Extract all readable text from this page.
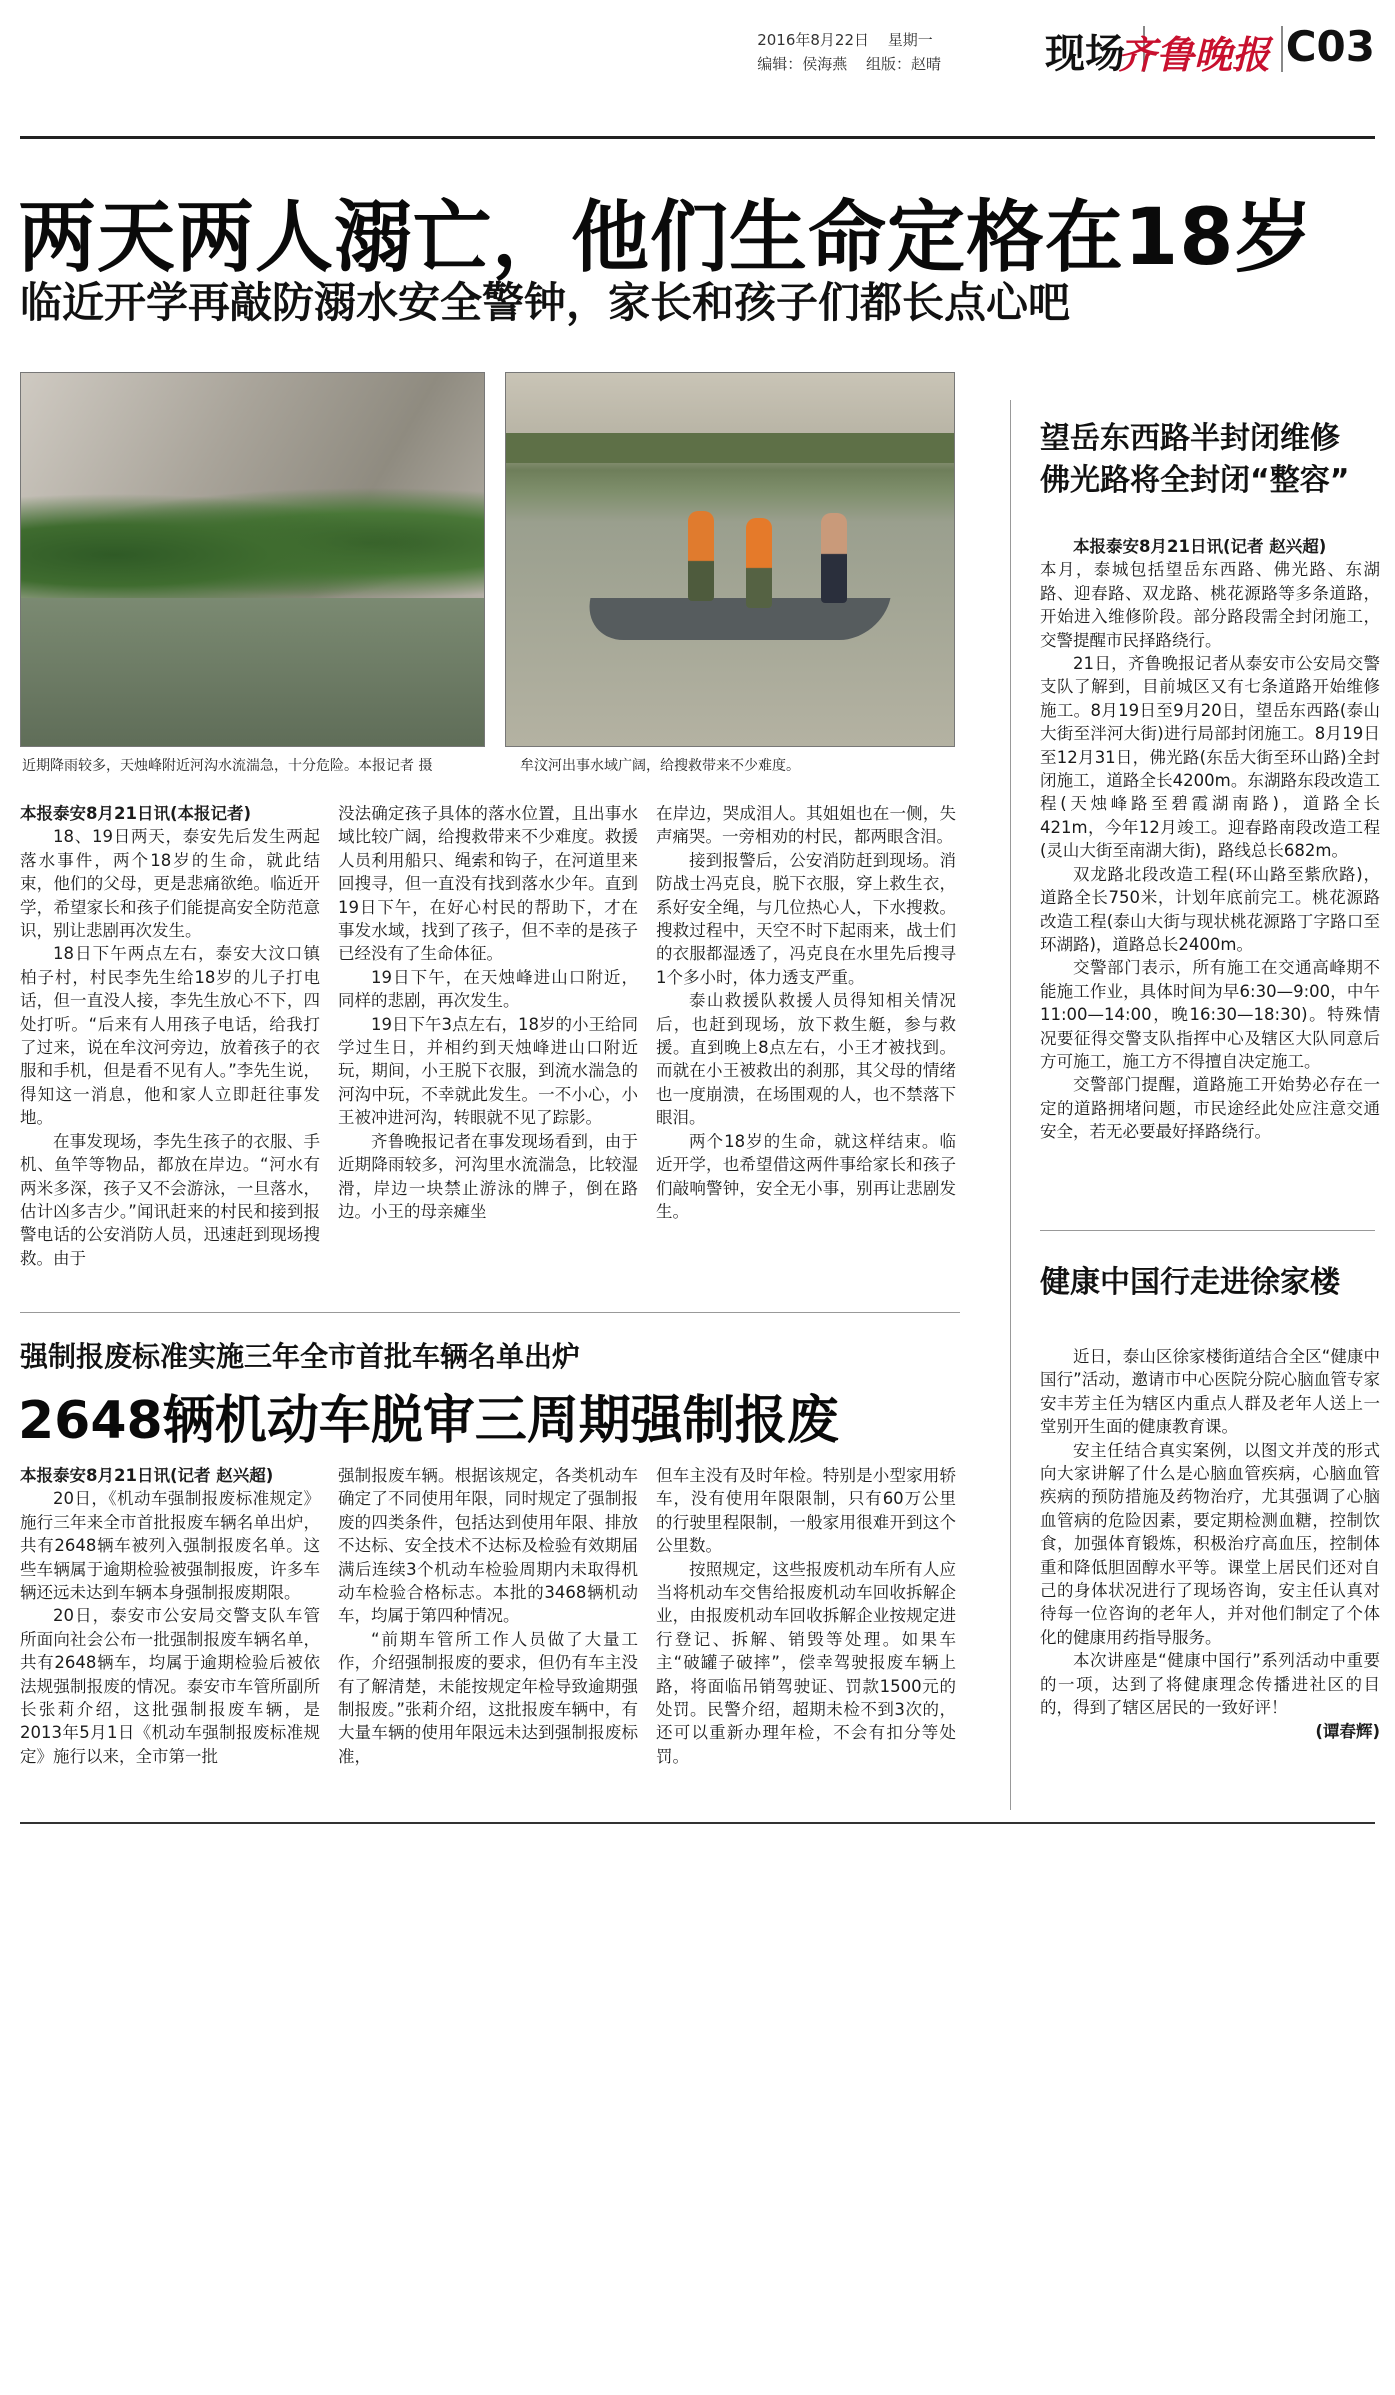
2016年8月22日 星期一
编辑：侯海燕 组版：赵晴	现场
齐鲁晚报 C03
两天两人溺亡，他们生命定格在18岁
临近开学再敲防溺水安全警钟，家长和孩子们都长点心吧
近期降雨较多，天烛峰附近河沟水流湍急，十分危险。本报记者 摄	牟汶河出事水域广阔，给搜救带来不少难度。

本报泰安8月21日讯(本报记者)

18、19日两天，泰安先后发生两起落水事件，两个18岁的生命，就此结束，他们的父母，更是悲痛欲绝。临近开学，希望家长和孩子们能提高安全防范意识，别让悲剧再次发生。

18日下午两点左右，泰安大汶口镇柏子村，村民李先生给18岁的儿子打电话，但一直没人接，李先生放心不下，四处打听。“后来有人用孩子电话，给我打了过来，说在牟汶河旁边，放着孩子的衣服和手机，但是看不见有人。”李先生说，得知这一消息，他和家人立即赶往事发地。

在事发现场，李先生孩子的衣服、手机、鱼竿等物品，都放在岸边。“河水有两米多深，孩子又不会游泳，一旦落水，估计凶多吉少。”闻讯赶来的村民和接到报警电话的公安消防人员，迅速赶到现场搜救。由于

没法确定孩子具体的落水位置，且出事水域比较广阔，给搜救带来不少难度。救援人员利用船只、绳索和钩子，在河道里来回搜寻，但一直没有找到落水少年。直到19日下午，在好心村民的帮助下，才在事发水域，找到了孩子，但不幸的是孩子已经没有了生命体征。

19日下午，在天烛峰进山口附近，同样的悲剧，再次发生。

19日下午3点左右，18岁的小王给同学过生日，并相约到天烛峰进山口附近玩，期间，小王脱下衣服，到流水湍急的河沟中玩，不幸就此发生。一不小心，小王被冲进河沟，转眼就不见了踪影。

齐鲁晚报记者在事发现场看到，由于近期降雨较多，河沟里水流湍急，比较湿滑，岸边一块禁止游泳的牌子，倒在路边。小王的母亲瘫坐

在岸边，哭成泪人。其姐姐也在一侧，失声痛哭。一旁相劝的村民，都两眼含泪。

接到报警后，公安消防赶到现场。消防战士冯克良，脱下衣服，穿上救生衣，系好安全绳，与几位热心人，下水搜救。搜救过程中，天空不时下起雨来，战士们的衣服都湿透了，冯克良在水里先后搜寻1个多小时，体力透支严重。

泰山救援队救援人员得知相关情况后，也赶到现场，放下救生艇，参与救援。直到晚上8点左右，小王才被找到。而就在小王被救出的刹那，其父母的情绪也一度崩溃，在场围观的人，也不禁落下眼泪。

两个18岁的生命，就这样结束。临近开学，也希望借这两件事给家长和孩子们敲响警钟，安全无小事，别再让悲剧发生。

强制报废标准实施三年全市首批车辆名单出炉
2648辆机动车脱审三周期强制报废

本报泰安8月21日讯(记者 赵兴超)

20日，《机动车强制报废标准规定》施行三年来全市首批报废车辆名单出炉，共有2648辆车被列入强制报废名单。这些车辆属于逾期检验被强制报废，许多车辆还远未达到车辆本身强制报废期限。

20日，泰安市公安局交警支队车管所面向社会公布一批强制报废车辆名单，共有2648辆车，均属于逾期检验后被依法规强制报废的情况。泰安市车管所副所长张莉介绍，这批强制报废车辆，是2013年5月1日《机动车强制报废标准规定》施行以来，全市第一批

强制报废车辆。根据该规定，各类机动车确定了不同使用年限，同时规定了强制报废的四类条件，包括达到使用年限、排放不达标、安全技术不达标及检验有效期届满后连续3个机动车检验周期内未取得机动车检验合格标志。本批的3468辆机动车，均属于第四种情况。

“前期车管所工作人员做了大量工作，介绍强制报废的要求，但仍有车主没有了解清楚，未能按规定年检导致逾期强制报废。”张莉介绍，这批报废车辆中，有大量车辆的使用年限远未达到强制报废标准，

但车主没有及时年检。特别是小型家用轿车，没有使用年限限制，只有60万公里的行驶里程限制，一般家用很难开到这个公里数。

按照规定，这些报废机动车所有人应当将机动车交售给报废机动车回收拆解企业，由报废机动车回收拆解企业按规定进行登记、拆解、销毁等处理。如果车主“破罐子破摔”，偿幸驾驶报废车辆上路，将面临吊销驾驶证、罚款1500元的处罚。民警介绍，超期未检不到3次的，还可以重新办理年检，不会有扣分等处罚。

望岳东西路半封闭维修
佛光路将全封闭“整容”

本报泰安8月21日讯(记者 赵兴超)

本月，泰城包括望岳东西路、佛光路、东湖路、迎春路、双龙路、桃花源路等多条道路，开始进入维修阶段。部分路段需全封闭施工，交警提醒市民择路绕行。

21日，齐鲁晚报记者从泰安市公安局交警支队了解到，目前城区又有七条道路开始维修施工。8月19日至9月20日，望岳东西路(泰山大街至泮河大街)进行局部封闭施工。8月19日至12月31日，佛光路(东岳大街至环山路)全封闭施工，道路全长4200m。东湖路东段改造工程(天烛峰路至碧霞湖南路)，道路全长421m，今年12月竣工。迎春路南段改造工程(灵山大街至南湖大街)，路线总长682m。

双龙路北段改造工程(环山路至紫欣路)，道路全长750米，计划年底前完工。桃花源路改造工程(泰山大街与现状桃花源路丁字路口至环湖路)，道路总长2400m。

交警部门表示，所有施工在交通高峰期不能施工作业，具体时间为早6:30—9:00，中午11:00—14:00，晚16:30—18:30)。特殊情况要征得交警支队指挥中心及辖区大队同意后方可施工，施工方不得擅自决定施工。

交警部门提醒，道路施工开始势必存在一定的道路拥堵问题，市民途经此处应注意交通安全，若无必要最好择路绕行。

健康中国行走进徐家楼

近日，泰山区徐家楼街道结合全区“健康中国行”活动，邀请市中心医院分院心脑血管专家安丰芳主任为辖区内重点人群及老年人送上一堂别开生面的健康教育课。

安主任结合真实案例，以图文并茂的形式向大家讲解了什么是心脑血管疾病，心脑血管疾病的预防措施及药物治疗，尤其强调了心脑血管病的危险因素，要定期检测血糖，控制饮食，加强体育锻炼，积极治疗高血压，控制体重和降低胆固醇水平等。课堂上居民们还对自己的身体状况进行了现场咨询，安主任认真对待每一位咨询的老年人，并对他们制定了个体化的健康用药指导服务。

本次讲座是“健康中国行”系列活动中重要的一项，达到了将健康理念传播进社区的目的，得到了辖区居民的一致好评！

(谭春辉)
